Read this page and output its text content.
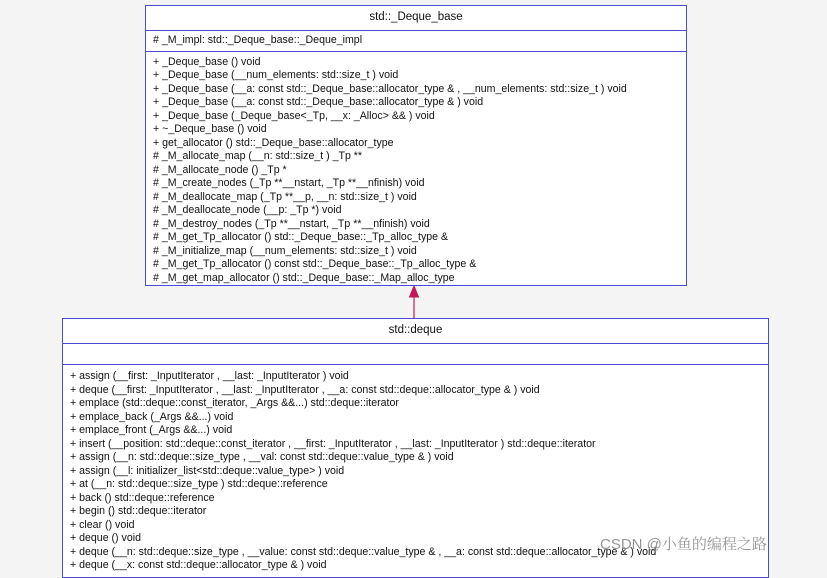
std::_Deque_base
# _M_impl: std::_Deque_base::_Deque_impl
+ _Deque_base () void
+ _Deque_base (__num_elements: std::size_t ) void
+ _Deque_base (__a: const std::_Deque_base::allocator_type & , __num_elements: std::size_t ) void
+ _Deque_base (__a: const std::_Deque_base::allocator_type & ) void
+ _Deque_base (_Deque_base<_Tp, __x: _Alloc> && ) void
+ ~_Deque_base () void
+ get_allocator () std::_Deque_base::allocator_type
# _M_allocate_map (__n: std::size_t ) _Tp **
# _M_allocate_node () _Tp *
# _M_create_nodes (_Tp **__nstart, _Tp **__nfinish) void
# _M_deallocate_map (_Tp **__p, __n: std::size_t ) void
# _M_deallocate_node (__p: _Tp *) void
# _M_destroy_nodes (_Tp **__nstart, _Tp **__nfinish) void
# _M_get_Tp_allocator () std::_Deque_base::_Tp_alloc_type &
# _M_initialize_map (__num_elements: std::size_t ) void
# _M_get_Tp_allocator () const std::_Deque_base::_Tp_alloc_type &
# _M_get_map_allocator () std::_Deque_base::_Map_alloc_type
std::deque
+ assign (__first: _InputIterator , __last: _InputIterator ) void
+ deque (__first: _InputIterator , __last: _InputIterator , __a: const std::deque::allocator_type & ) void
+ emplace (std::deque::const_iterator, _Args &&...) std::deque::iterator
+ emplace_back (_Args &&...) void
+ emplace_front (_Args &&...) void
+ insert (__position: std::deque::const_iterator , __first: _InputIterator , __last: _InputIterator ) std::deque::iterator
+ assign (__n: std::deque::size_type , __val: const std::deque::value_type & ) void
+ assign (__l: initializer_list<std::deque::value_type> ) void
+ at (__n: std::deque::size_type ) std::deque::reference
+ back () std::deque::reference
+ begin () std::deque::iterator
+ clear () void
+ deque () void
+ deque (__n: std::deque::size_type , __value: const std::deque::value_type & , __a: const std::deque::allocator_type & ) void
+ deque (__x: const std::deque::allocator_type & ) void
CSDN @小鱼的编程之路
